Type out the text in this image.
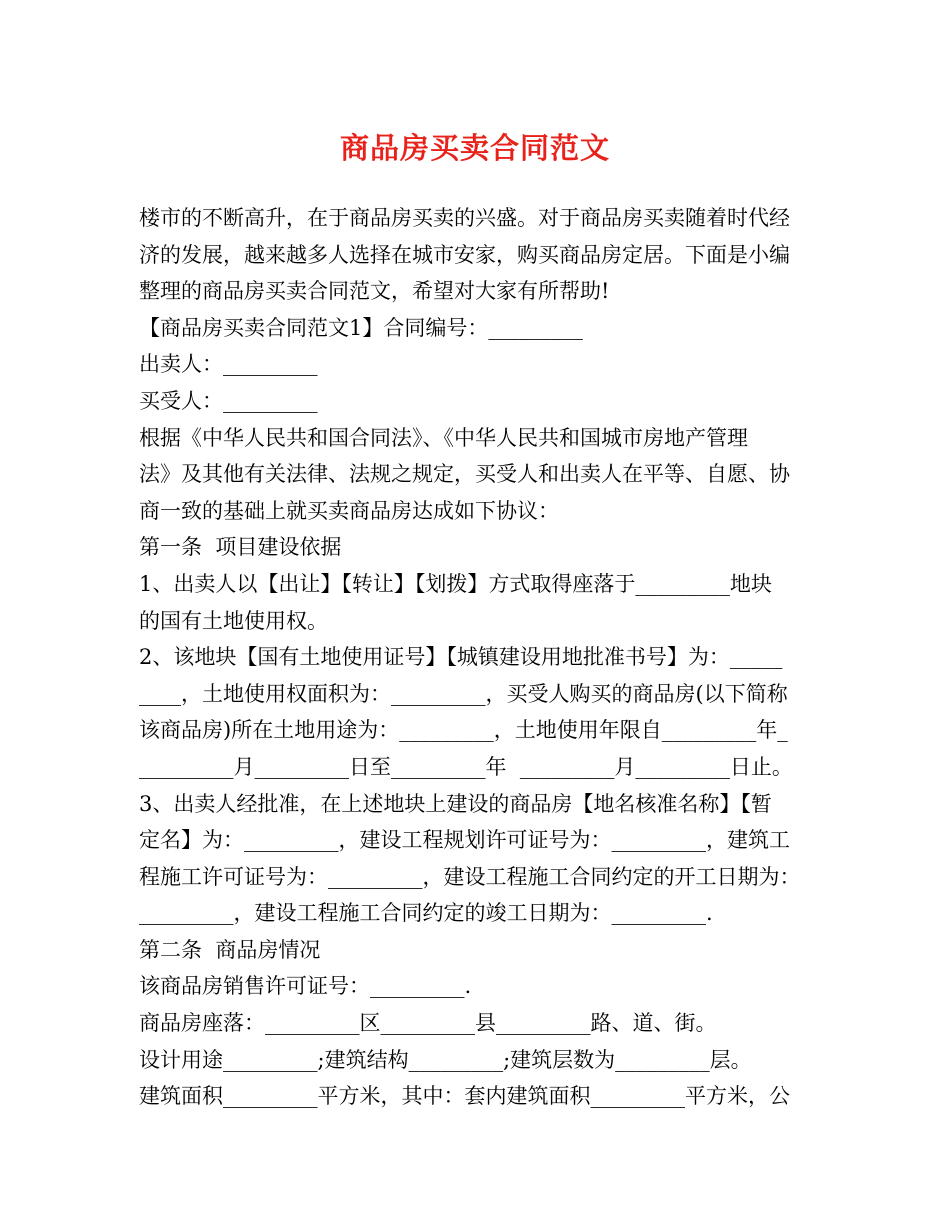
商品房买卖合同范文
楼市的不断高升，在于商品房买卖的兴盛。对于商品房买卖随着时代经
济的发展，越来越多人选择在城市安家，购买商品房定居。下面是小编
整理的商品房买卖合同范文，希望对大家有所帮助!
【商品房买卖合同范文1】合同编号：_________
出卖人：_________
买受人：_________
根据《中华人民共和国合同法》、《中华人民共和国城市房地产管理
法》及其他有关法律、法规之规定，买受人和出卖人在平等、自愿、协
商一致的基础上就买卖商品房达成如下协议：
第一条  项目建设依据
1、出卖人以【出让】【转让】【划拨】方式取得座落于_________地块
的国有土地使用权。
2、该地块【国有土地使用证号】【城镇建设用地批准书号】为：_____
____，土地使用权面积为：_________，买受人购买的商品房(以下简称
该商品房)所在土地用途为：_________，土地使用年限自_________年_
_________月_________日至_________年  _________月_________日止。
3、出卖人经批准，在上述地块上建设的商品房【地名核准名称】【暂
定名】为：_________，建设工程规划许可证号为：_________，建筑工
程施工许可证号为：_________，建设工程施工合同约定的开工日期为：
_________，建设工程施工合同约定的竣工日期为：_________.
第二条  商品房情况
该商品房销售许可证号：_________.
商品房座落：_________区_________县_________路、道、街。
设计用途_________;建筑结构_________;建筑层数为_________层。
建筑面积_________平方米，其中：套内建筑面积_________平方米，公
